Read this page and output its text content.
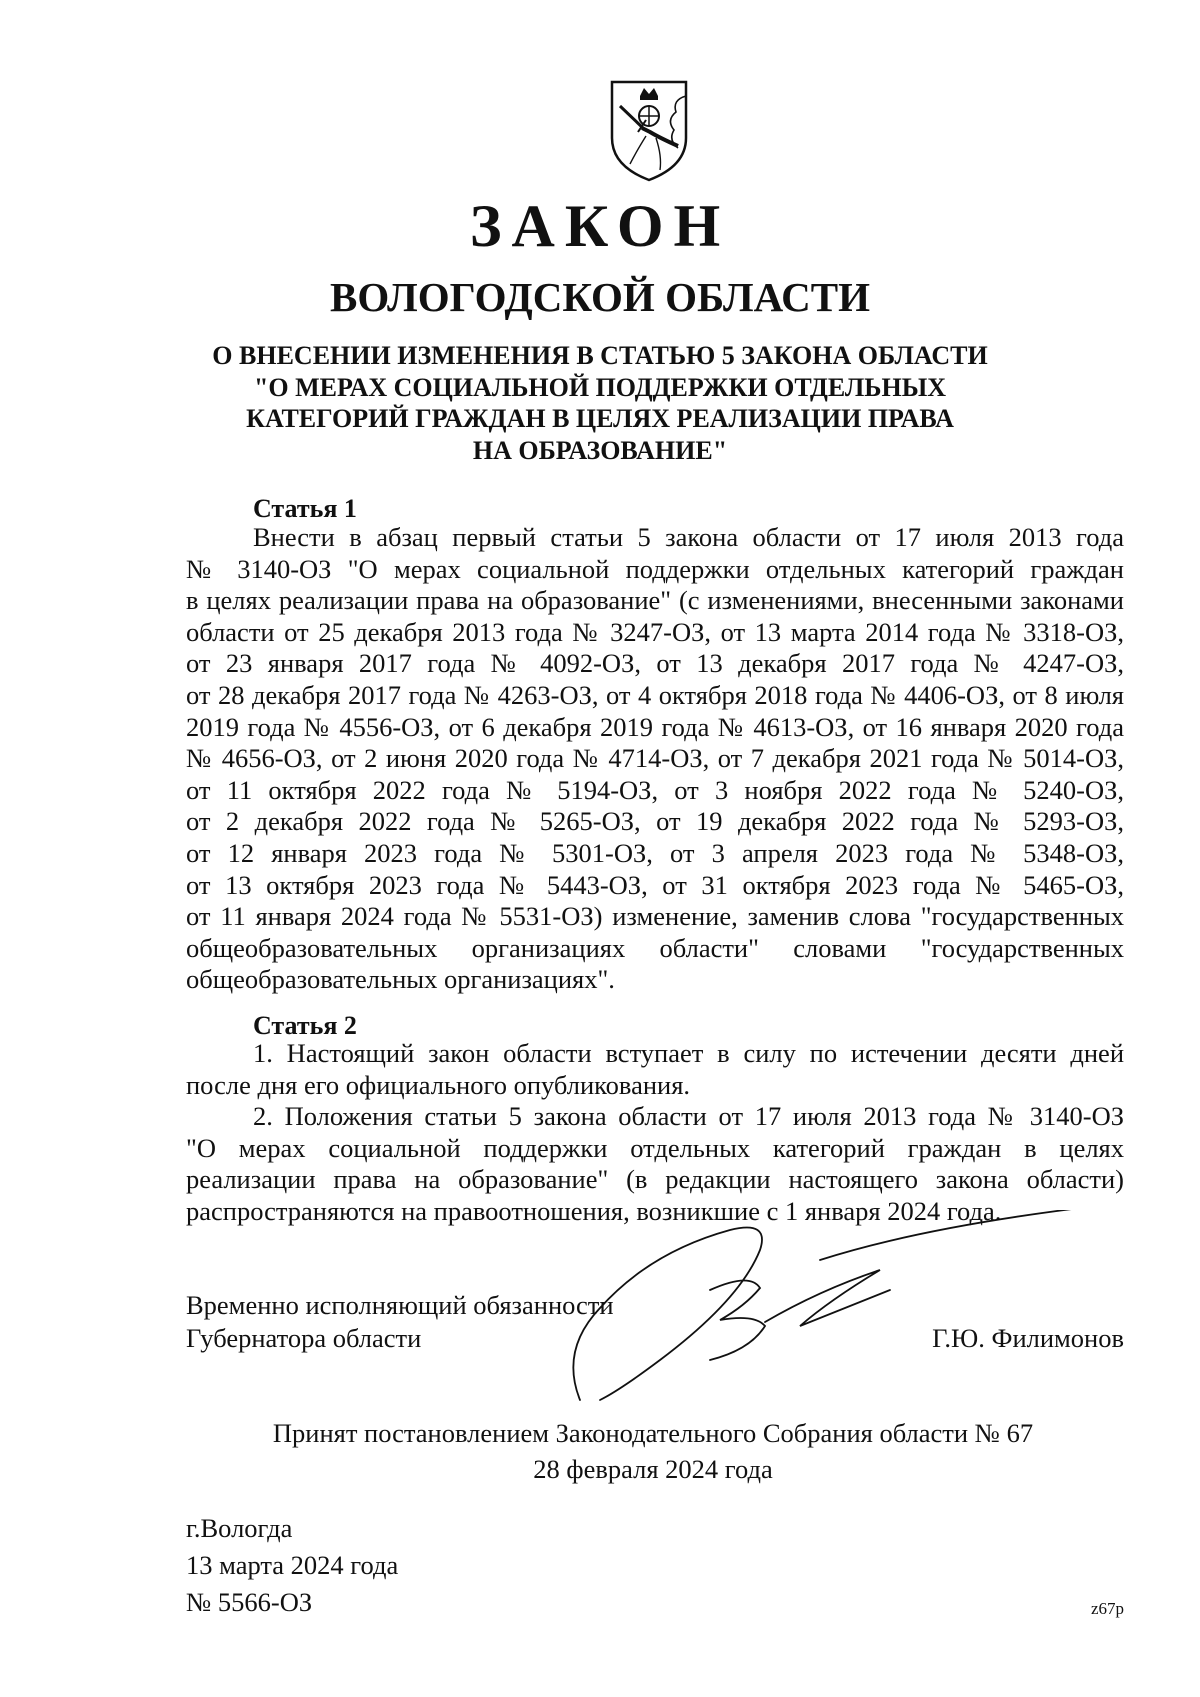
ЗАКОН
ВОЛОГОДСКОЙ ОБЛАСТИ
О ВНЕСЕНИИ ИЗМЕНЕНИЯ В СТАТЬЮ 5 ЗАКОНА ОБЛАСТИ
"О МЕРАХ СОЦИАЛЬНОЙ ПОДДЕРЖКИ ОТДЕЛЬНЫХ
КАТЕГОРИЙ ГРАЖДАН В ЦЕЛЯХ РЕАЛИЗАЦИИ ПРАВА
НА ОБРАЗОВАНИЕ"
Статья 1
Внести в абзац первый статьи 5 закона области от 17 июля 2013 года
№ 3140-ОЗ "О мерах социальной поддержки отдельных категорий граждан
в целях реализации права на образование" (с изменениями, внесенными законами
области от 25 декабря 2013 года № 3247-ОЗ, от 13 марта 2014 года № 3318-ОЗ,
от 23 января 2017 года № 4092-ОЗ, от 13 декабря 2017 года № 4247-ОЗ,
от 28 декабря 2017 года № 4263-ОЗ, от 4 октября 2018 года № 4406-ОЗ, от 8 июля
2019 года № 4556-ОЗ, от 6 декабря 2019 года № 4613-ОЗ, от 16 января 2020 года
№ 4656-ОЗ, от 2 июня 2020 года № 4714-ОЗ, от 7 декабря 2021 года № 5014-ОЗ,
от 11 октября 2022 года № 5194-ОЗ, от 3 ноября 2022 года № 5240-ОЗ,
от 2 декабря 2022 года № 5265-ОЗ, от 19 декабря 2022 года № 5293-ОЗ,
от 12 января 2023 года № 5301-ОЗ, от 3 апреля 2023 года № 5348-ОЗ,
от 13 октября 2023 года № 5443-ОЗ, от 31 октября 2023 года № 5465-ОЗ,
от 11 января 2024 года № 5531-ОЗ) изменение, заменив слова "государственных
общеобразовательных организациях области" словами "государственных
общеобразовательных организациях".
Статья 2
1. Настоящий закон области вступает в силу по истечении десяти дней
после дня его официального опубликования.
2. Положения статьи 5 закона области от 17 июля 2013 года № 3140-ОЗ
"О мерах социальной поддержки отдельных категорий граждан в целях
реализации права на образование" (в редакции настоящего закона области)
распространяются на правоотношения, возникшие с 1 января 2024 года.
Временно исполняющий обязанности
Губернатора области	Г.Ю. Филимонов
Принят постановлением Законодательного Собрания области № 67
28 февраля 2024 года
г.Вологда
13 марта 2024 года
№ 5566-ОЗ	z67p
